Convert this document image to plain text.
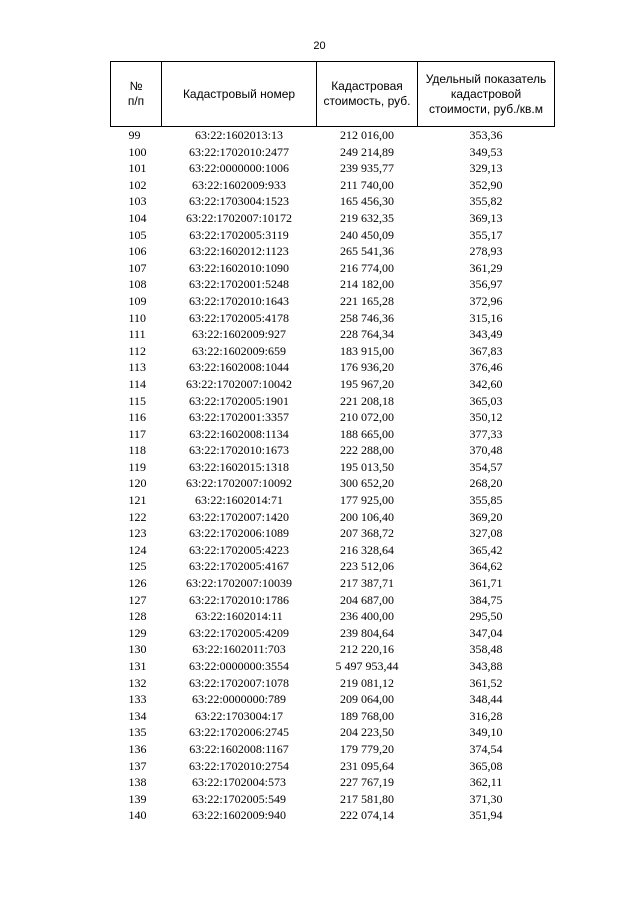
20
№
п/п	Кадастровый номер	Кадастровая стоимость, руб.	Удельный показатель кадастровой стоимости, руб./кв.м
99	63:22:1602013:13	212 016,00	353,36
100	63:22:1702010:2477	249 214,89	349,53
101	63:22:0000000:1006	239 935,77	329,13
102	63:22:1602009:933	211 740,00	352,90
103	63:22:1703004:1523	165 456,30	355,82
104	63:22:1702007:10172	219 632,35	369,13
105	63:22:1702005:3119	240 450,09	355,17
106	63:22:1602012:1123	265 541,36	278,93
107	63:22:1602010:1090	216 774,00	361,29
108	63:22:1702001:5248	214 182,00	356,97
109	63:22:1702010:1643	221 165,28	372,96
110	63:22:1702005:4178	258 746,36	315,16
111	63:22:1602009:927	228 764,34	343,49
112	63:22:1602009:659	183 915,00	367,83
113	63:22:1602008:1044	176 936,20	376,46
114	63:22:1702007:10042	195 967,20	342,60
115	63:22:1702005:1901	221 208,18	365,03
116	63:22:1702001:3357	210 072,00	350,12
117	63:22:1602008:1134	188 665,00	377,33
118	63:22:1702010:1673	222 288,00	370,48
119	63:22:1602015:1318	195 013,50	354,57
120	63:22:1702007:10092	300 652,20	268,20
121	63:22:1602014:71	177 925,00	355,85
122	63:22:1702007:1420	200 106,40	369,20
123	63:22:1702006:1089	207 368,72	327,08
124	63:22:1702005:4223	216 328,64	365,42
125	63:22:1702005:4167	223 512,06	364,62
126	63:22:1702007:10039	217 387,71	361,71
127	63:22:1702010:1786	204 687,00	384,75
128	63:22:1602014:11	236 400,00	295,50
129	63:22:1702005:4209	239 804,64	347,04
130	63:22:1602011:703	212 220,16	358,48
131	63:22:0000000:3554	5 497 953,44	343,88
132	63:22:1702007:1078	219 081,12	361,52
133	63:22:0000000:789	209 064,00	348,44
134	63:22:1703004:17	189 768,00	316,28
135	63:22:1702006:2745	204 223,50	349,10
136	63:22:1602008:1167	179 779,20	374,54
137	63:22:1702010:2754	231 095,64	365,08
138	63:22:1702004:573	227 767,19	362,11
139	63:22:1702005:549	217 581,80	371,30
140	63:22:1602009:940	222 074,14	351,94
